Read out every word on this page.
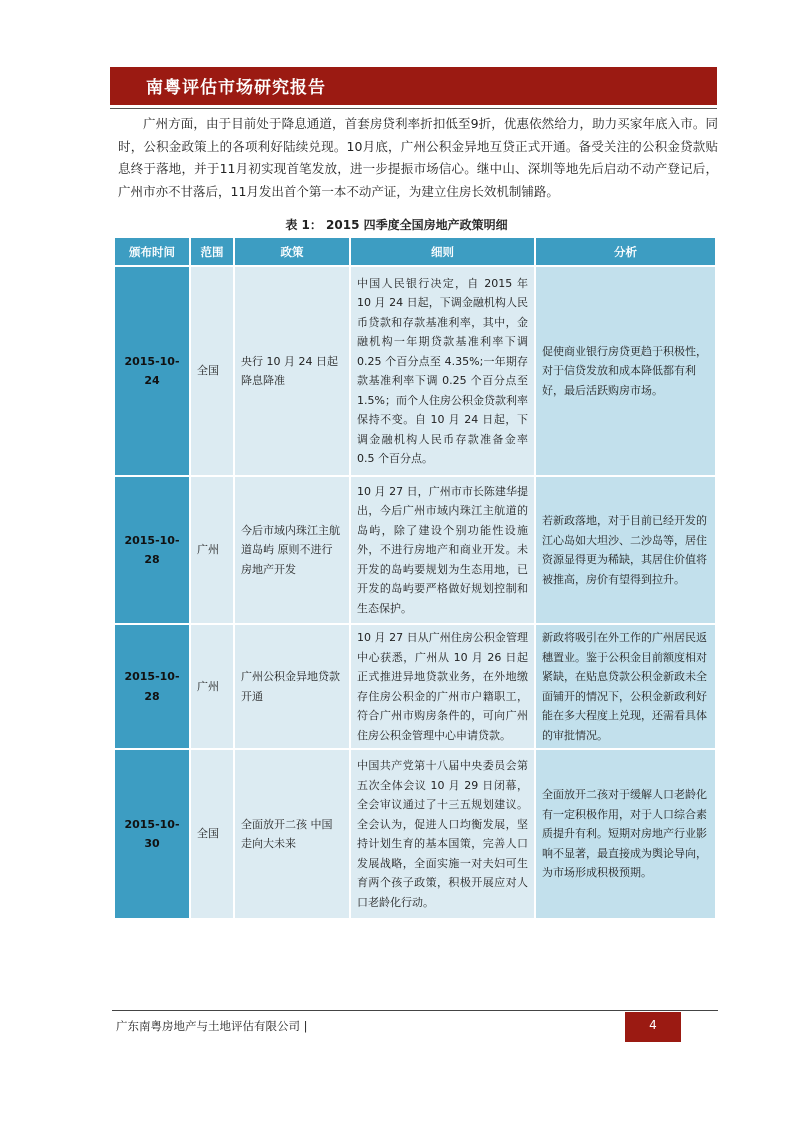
南粤评估市场研究报告
广州方面，由于目前处于降息通道，首套房贷利率折扣低至9折，优惠依然给力，助力买家年底入市。同时，公积金政策上的各项利好陆续兑现。10月底，广州公积金异地互贷正式开通。备受关注的公积金贷款贴息终于落地，并于11月初实现首笔发放，进一步提振市场信心。继中山、深圳等地先后启动不动产登记后，广州市亦不甘落后，11月发出首个第一本不动产证，为建立住房长效机制铺路。
表 1： 2015 四季度全国房地产政策明细
颁布时间	范围	政策	细则	分析
2015-10-24	全国	央行 10 月 24 日起降息降准	中国人民银行决定，自 2015 年 10 月 24 日起，下调金融机构人民币贷款和存款基准利率，其中，金融机构一年期贷款基准利率下调 0.25 个百分点至 4.35%;一年期存款基准利率下调 0.25 个百分点至 1.5%；而个人住房公积金贷款利率保持不变。自 10 月 24 日起，下调金融机构人民币存款准备金率 0.5 个百分点。	促使商业银行房贷更趋于积极性，对于信贷发放和成本降低都有利好，最后活跃购房市场。
2015-10-28	广州	今后市域内珠江主航道岛屿 原则不进行房地产开发	10 月 27 日，广州市市长陈建华提出，今后广州市域内珠江主航道的岛屿，除了建设个别功能性设施外，不进行房地产和商业开发。未开发的岛屿要规划为生态用地，已开发的岛屿要严格做好规划控制和生态保护。	若新政落地，对于目前已经开发的江心岛如大坦沙、二沙岛等，居住资源显得更为稀缺，其居住价值将被推高，房价有望得到拉升。
2015-10-28	广州	广州公积金异地贷款开通	10 月 27 日从广州住房公积金管理中心获悉，广州从 10 月 26 日起正式推进异地贷款业务，在外地缴存住房公积金的广州市户籍职工，符合广州市购房条件的，可向广州住房公积金管理中心申请贷款。	新政将吸引在外工作的广州居民返穗置业。鉴于公积金目前额度相对紧缺，在贴息贷款公积金新政未全面铺开的情况下，公积金新政利好能在多大程度上兑现，还需看具体的审批情况。
2015-10-30	全国	全面放开二孩 中国走向大未来	中国共产党第十八届中央委员会第五次全体会议 10 月 29 日闭幕，全会审议通过了十三五规划建议。全会认为，促进人口均衡发展，坚持计划生育的基本国策，完善人口发展战略，全面实施一对夫妇可生育两个孩子政策，积极开展应对人口老龄化行动。	全面放开二孩对于缓解人口老龄化有一定积极作用，对于人口综合素质提升有利。短期对房地产行业影响不显著，最直接成为舆论导向，为市场形成积极预期。
广东南粤房地产与土地评估有限公司 |	4
